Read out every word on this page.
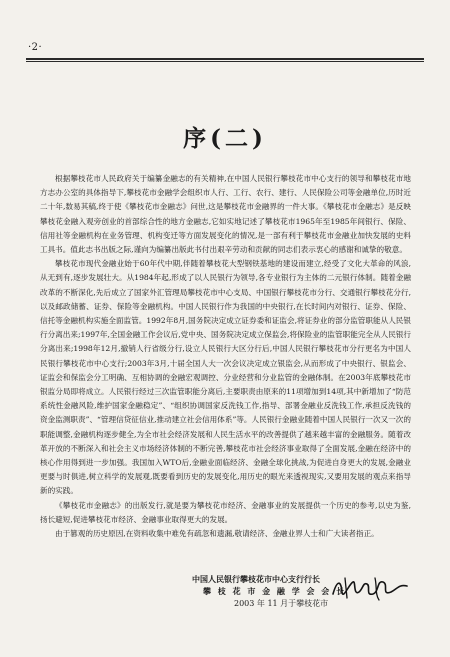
·2·
序(二)

根据攀枝花市人民政府关于编纂金融志的有关精神,在中国人民银行攀枝花市中心支行的领导和攀枝花市地方志办公室的具体指导下,攀枝花市金融学会组织市人行、工行、农行、建行、人民保险公司等金融单位,历时近二十年,数易其稿,终于使《攀枝花市金融志》问世,这是攀枝花市金融界的一件大事。《攀枝花市金融志》是反映攀枝花金融入观旁创业的首部综合性的地方金融志,它如实地记述了攀枝花市1965年至1985年间银行、保险、信用社等金融机构在业务管理、机构变迁等方面发展变化的情况,是一部有利于攀枝花市金融业加快发展的史料工具书。值此志书出版之际,谨向为编纂出版此书付出艰辛劳动和贡献的同志们表示衷心的感谢和诚挚的敬意。

攀枝花市现代金融业始于60年代中期,伴随着攀枝花大型钢铁基地的建设而建立,经受了文化大革命的风浪,从无到有,逐步发展壮大。从1984年起,形成了以人民银行为领导,各专业银行为主体的二元银行体制。随着金融改革的不断深化,先后成立了国家外汇管理局攀枝花市中心支局、中国银行攀枝花市分行、交通银行攀枝花分行,以及邮政储蓄、证券、保险等金融机构。中国人民银行作为我国的中央银行,在长时间内对银行、证券、保险、信托等金融机构实施全面监管。1992年8月,国务院决定成立证券委和证监会,将证券业的部分监管职能从人民银行分离出来;1997年,全国金融工作会议后,党中央、国务院决定成立保监会,将保险业的监管职能完全从人民银行分离出来;1998年12月,撤销人行省级分行,设立人民银行大区分行后,中国人民银行攀枝花市分行更名为中国人民银行攀枝花市中心支行;2003年3月,十届全国人大一次会议决定成立银监会,从而形成了中央银行、银监会、证监会和保监会分工明确、互相协调的金融宏观调控、分业经营和分业监管的金融体制。在2003年底攀枝花市银监分局即将成立。人民银行经过三次监管职能分离后,主要职责由原来的11项增加到14项,其中新增加了“防范系统性金融风险,维护国家金融稳定”、“组织协调国家反洗钱工作,指导、部署金融业反洗钱工作,承担反洗钱的资金监测职责”、“管理信贷征信业,推动建立社会信用体系”等。人民银行金融业随着中国人民银行一次又一次的职能调整,金融机构逐步健全,为全市社会经济发展和人民生活水平的改善提供了越来越丰富的金融服务。随着改革开放的不断深入和社会主义市场经济体制的不断完善,攀枝花市社会经济事业取得了全面发展,金融在经济中的核心作用得到进一步加强。我国加入WTO后,金融业面临经济、金融全球化挑战,为促进自身更大的发展,金融业更要与时俱进,树立科学的发展观,既要看到历史的发展变化,用历史的眼光来透视现实,又要用发展的观点来指导新的实践。

《攀枝花市金融志》的出版发行,就是要为攀枝花市经济、金融事业的发展提供一个历史的参考,以史为鉴,扬长避短,促进攀枝花市经济、金融事业取得更大的发展。

由于篡观的历史原因,在资料收集中难免有疏忽和遗漏,敬请经济、金融业界人士和广大读者指正。

中国人民银行攀枝花市中心支行行长
攀 枝 花 市 金 融 学 会 会 长
2003 年 11 月于攀枝花市
